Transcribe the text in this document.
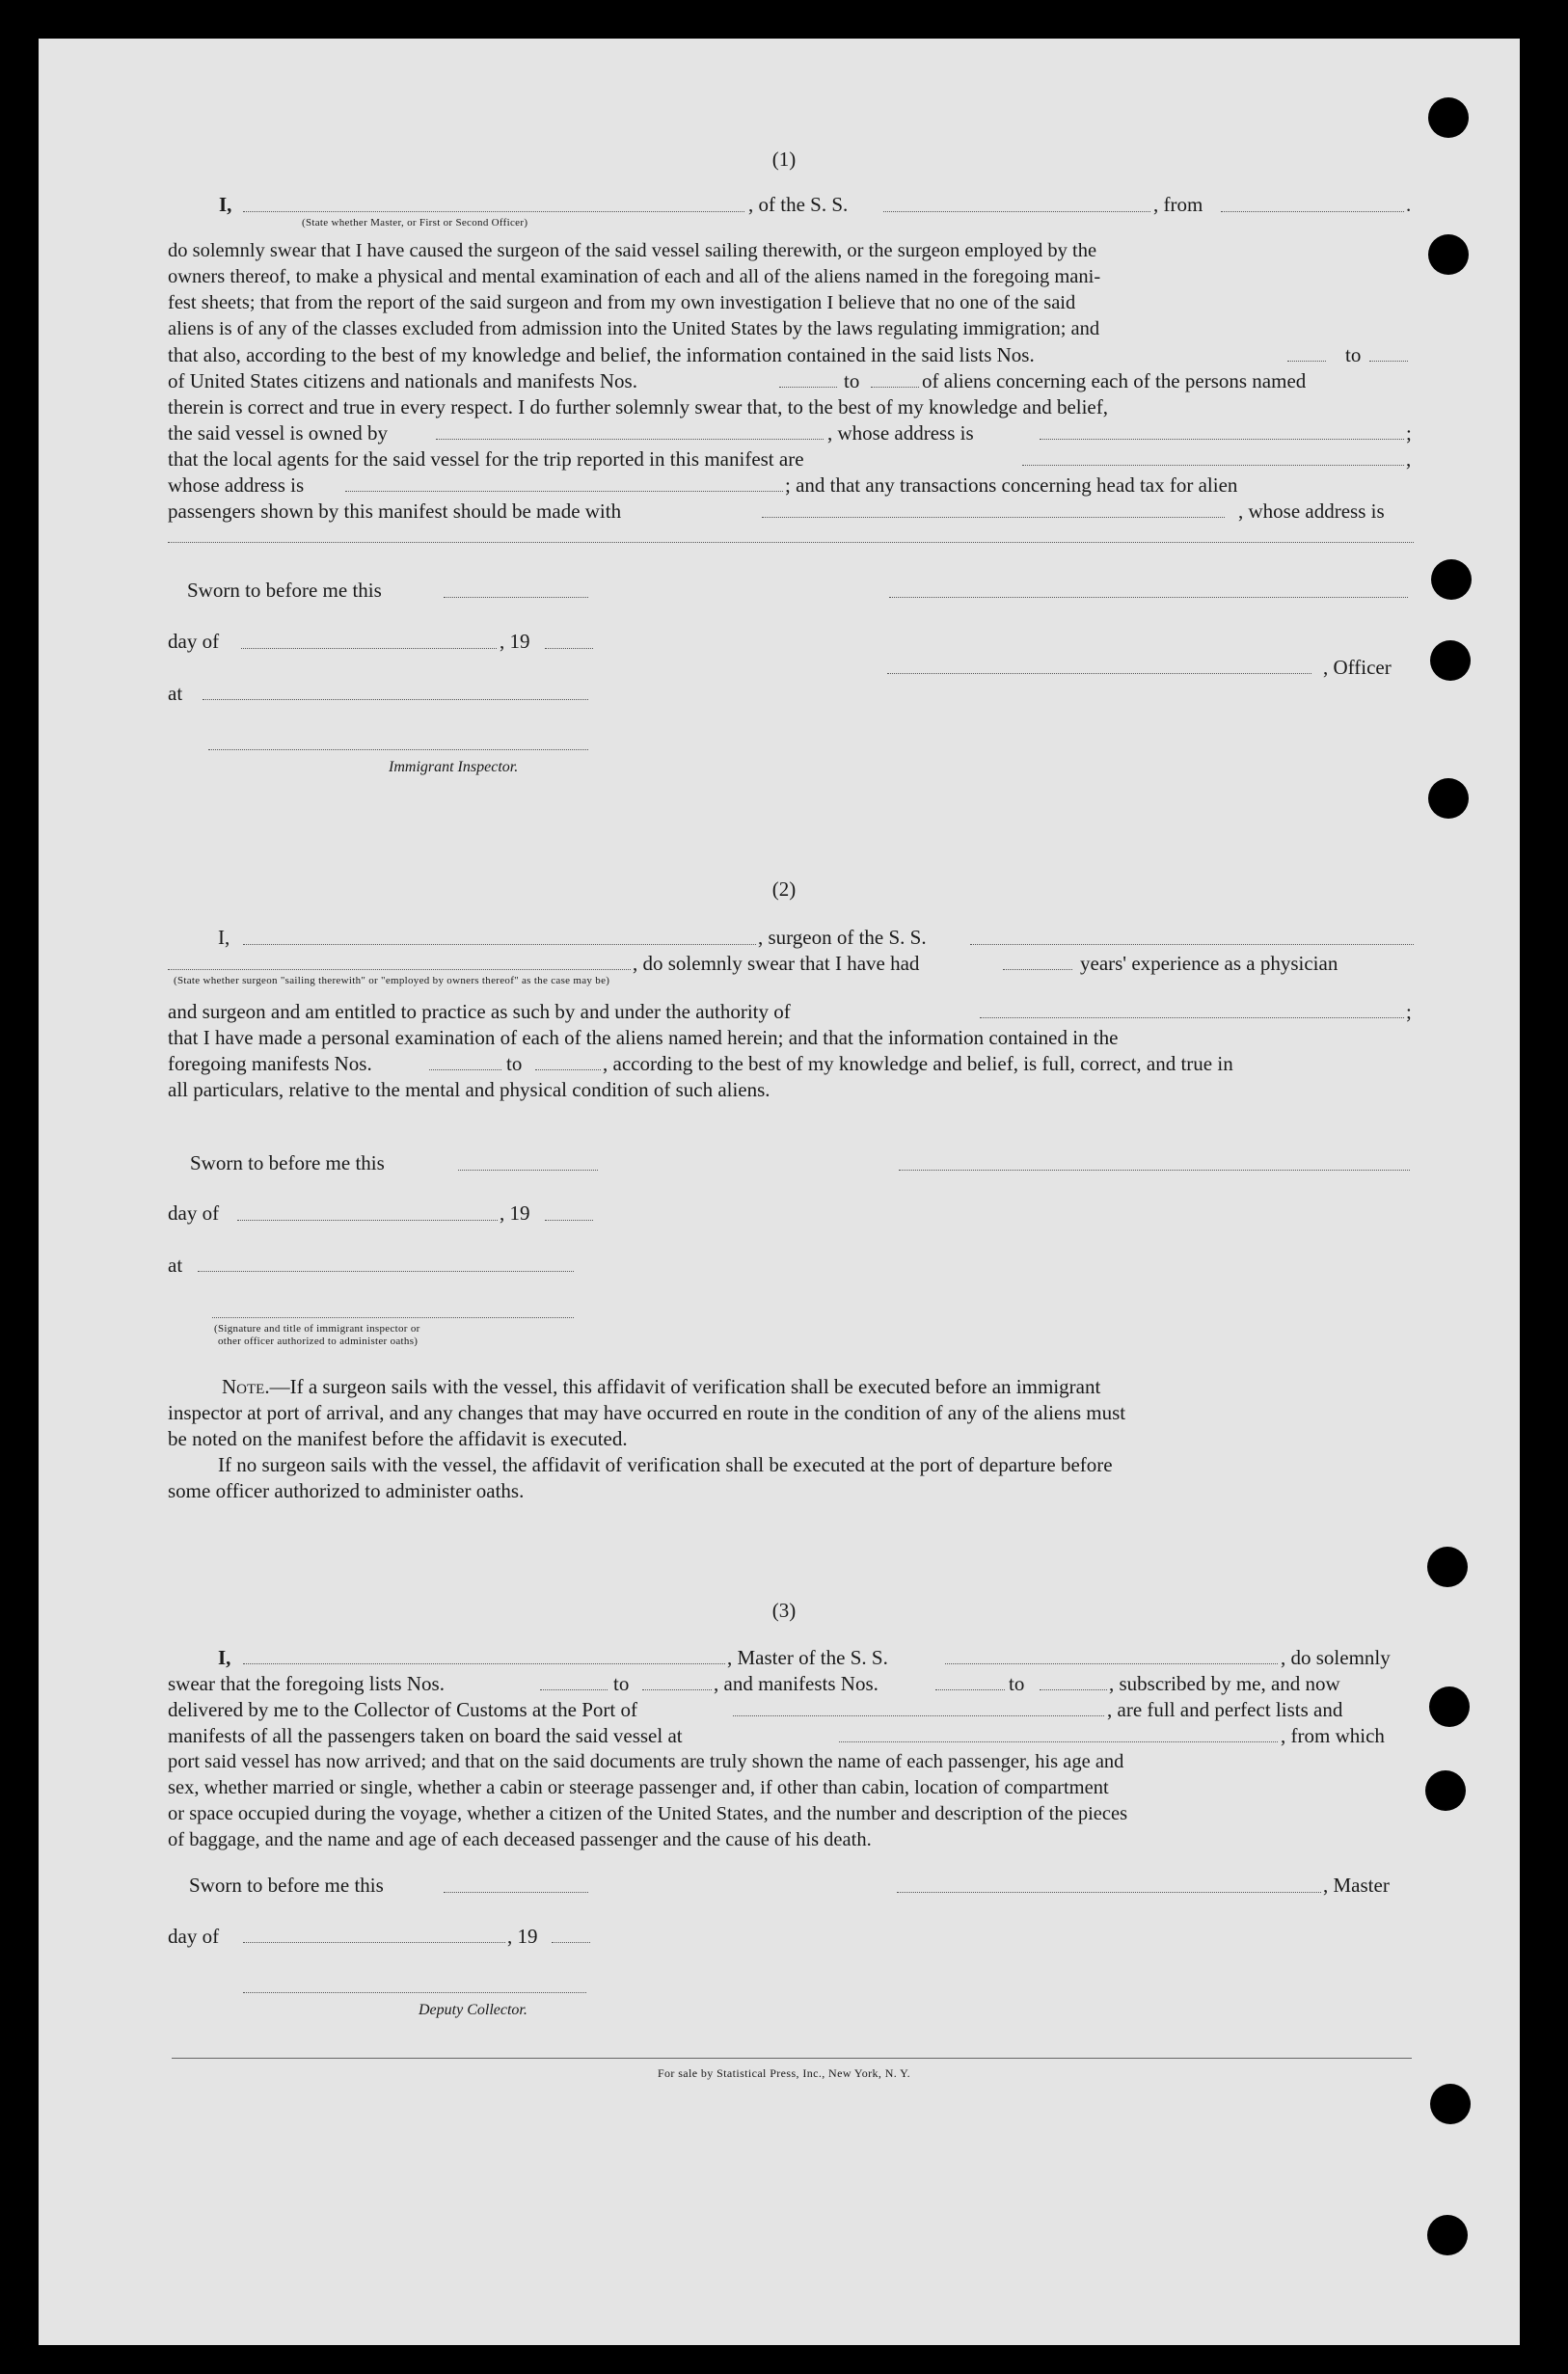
(1)
I,	, of the S. S.	, from	.
(State whether Master, or First or Second Officer)
do solemnly swear that I have caused the surgeon of the said vessel sailing therewith, or the surgeon employed by the
owners thereof, to make a physical and mental examination of each and all of the aliens named in the foregoing mani-
fest sheets; that from the report of the said surgeon and from my own investigation I believe that no one of the said
aliens is of any of the classes excluded from admission into the United States by the laws regulating immigration; and
that also, according to the best of my knowledge and belief, the information contained in the said lists Nos.	to
of United States citizens and nationals and manifests Nos.	to	of aliens concerning each of the persons named
therein is correct and true in every respect. I do further solemnly swear that, to the best of my knowledge and belief,
the said vessel is owned by	, whose address is	;
that the local agents for the said vessel for the trip reported in this manifest are	,
whose address is	; and that any transactions concerning head tax for alien
passengers shown by this manifest should be made with	, whose address is
Sworn to before me this
day of	, 19
, Officer
at
Immigrant Inspector.
(2)
I,	, surgeon of the S. S.
, do solemnly swear that I have had	years' experience as a physician
(State whether surgeon "sailing therewith" or "employed by owners thereof" as the case may be)
and surgeon and am entitled to practice as such by and under the authority of	;
that I have made a personal examination of each of the aliens named herein; and that the information contained in the
foregoing manifests Nos.	to	, according to the best of my knowledge and belief, is full, correct, and true in
all particulars, relative to the mental and physical condition of such aliens.
Sworn to before me this
day of	, 19
at
(Signature and title of immigrant inspector or
other officer authorized to administer oaths)
Note.—If a surgeon sails with the vessel, this affidavit of verification shall be executed before an immigrant
inspector at port of arrival, and any changes that may have occurred en route in the condition of any of the aliens must
be noted on the manifest before the affidavit is executed.
If no surgeon sails with the vessel, the affidavit of verification shall be executed at the port of departure before
some officer authorized to administer oaths.
(3)
I,	, Master of the S. S.	, do solemnly
swear that the foregoing lists Nos.	to	, and manifests Nos.	to	, subscribed by me, and now
delivered by me to the Collector of Customs at the Port of	, are full and perfect lists and
manifests of all the passengers taken on board the said vessel at	, from which
port said vessel has now arrived; and that on the said documents are truly shown the name of each passenger, his age and
sex, whether married or single, whether a cabin or steerage passenger and, if other than cabin, location of compartment
or space occupied during the voyage, whether a citizen of the United States, and the number and description of the pieces
of baggage, and the name and age of each deceased passenger and the cause of his death.
Sworn to before me this	, Master
day of	, 19
Deputy Collector.
For sale by Statistical Press, Inc., New York, N. Y.
